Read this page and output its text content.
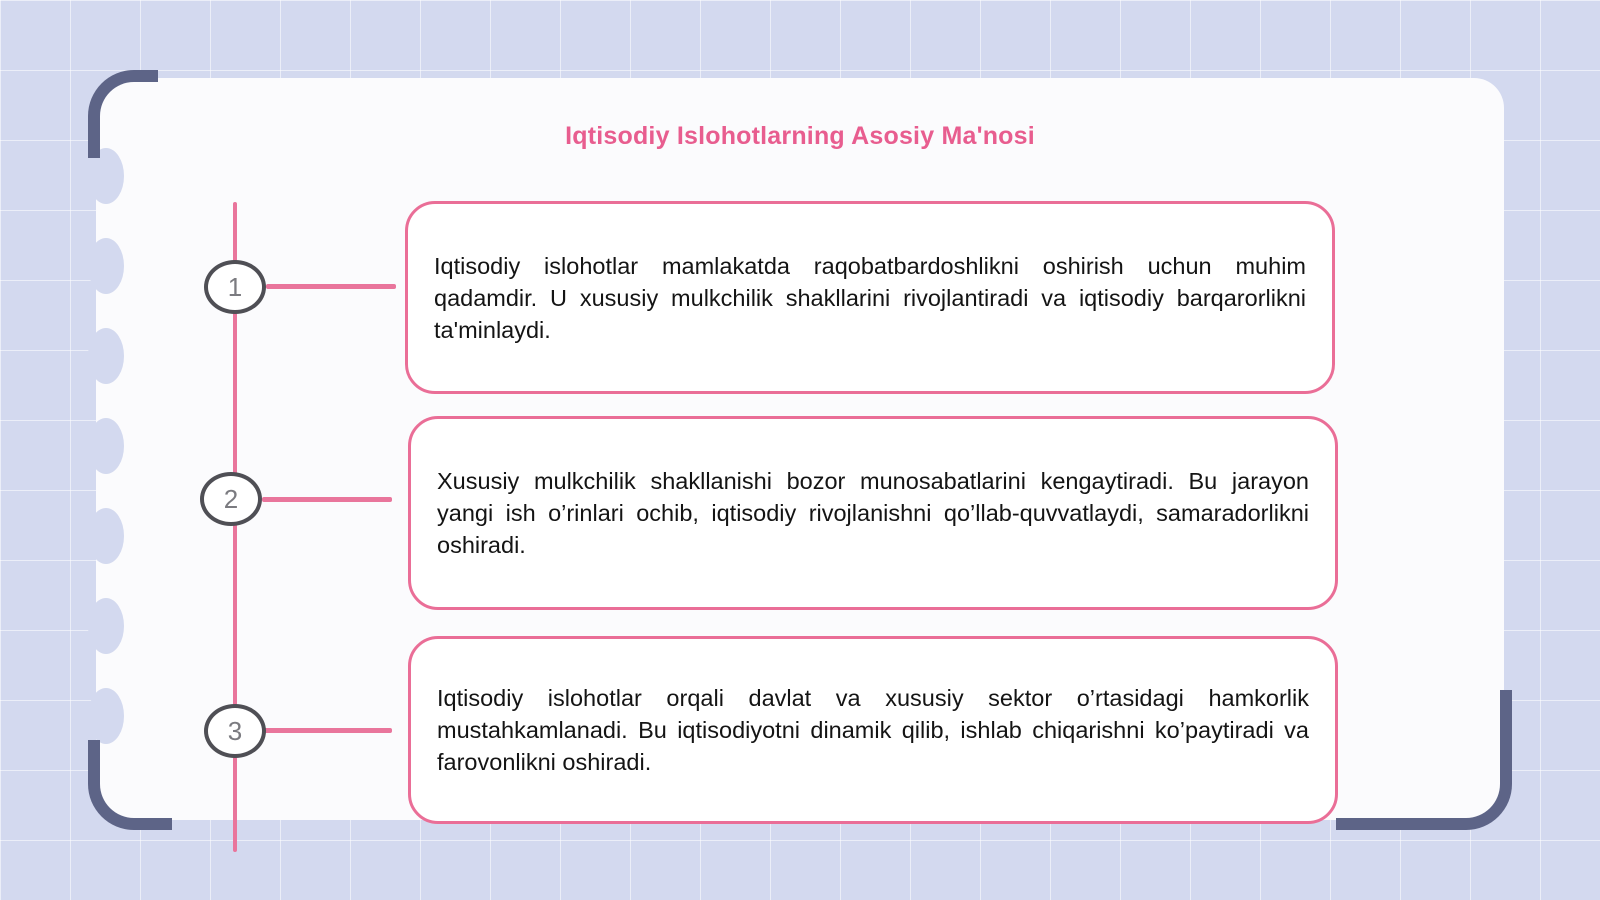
Iqtisodiy Islohotlarning Asosiy Ma'nosi
1

Iqtisodiy islohotlar mamlakatda raqobatbardoshlikni oshirish uchun muhim qadamdir. U xususiy mulkchilik shakllarini rivojlantiradi va iqtisodiy barqarorlikni ta'minlaydi.

2

Xususiy mulkchilik shakllanishi bozor munosabatlarini kengaytiradi. Bu jarayon yangi ish o’rinlari ochib, iqtisodiy rivojlanishni qo’llab-quvvatlaydi, samaradorlikni oshiradi.

3

Iqtisodiy islohotlar orqali davlat va xususiy sektor o’rtasidagi hamkorlik mustahkamlanadi. Bu iqtisodiyotni dinamik qilib, ishlab chiqarishni ko’paytiradi va farovonlikni oshiradi.
